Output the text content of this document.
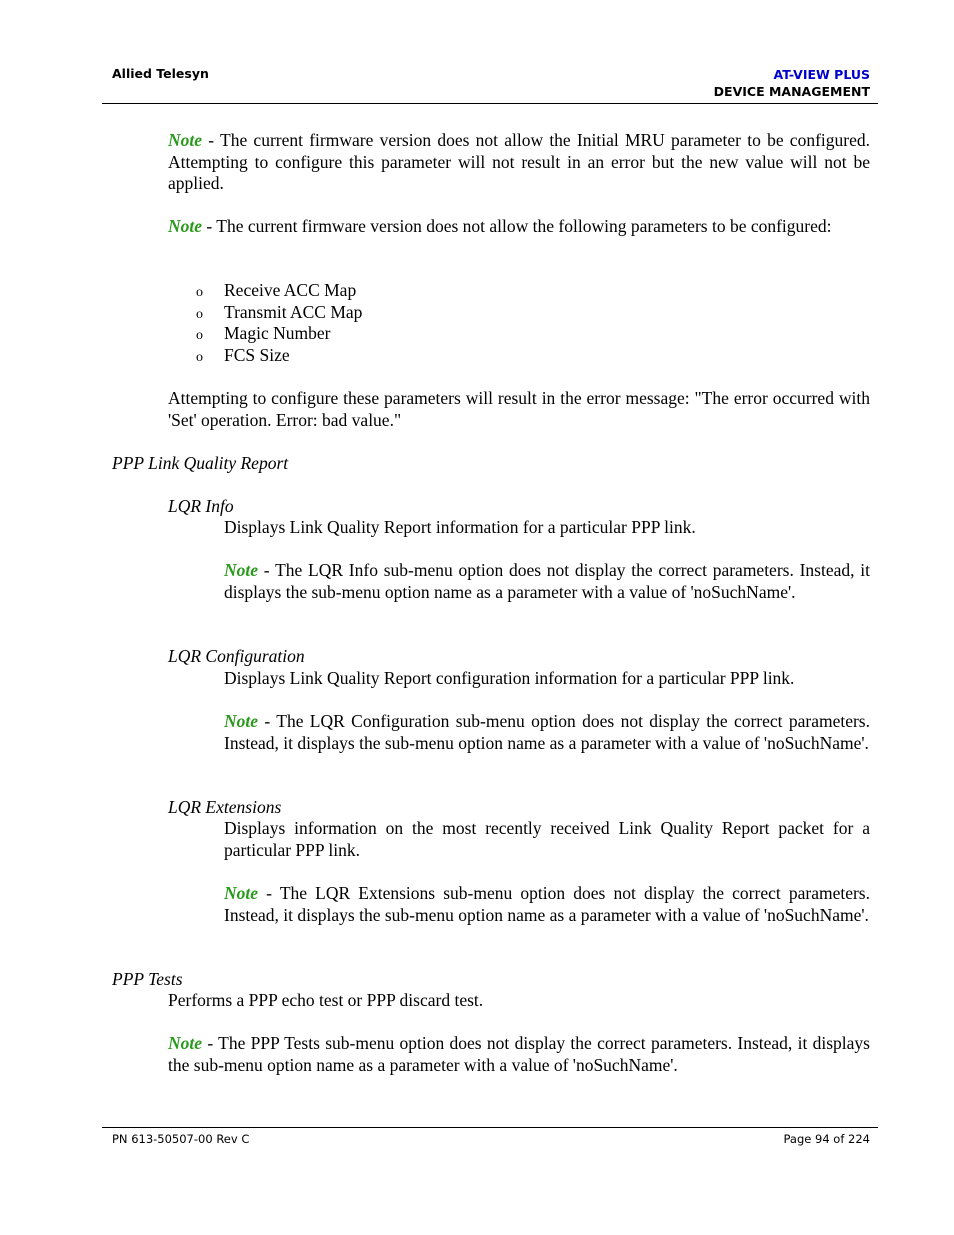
Allied Telesyn	AT-VIEW PLUS
DEVICE MANAGEMENT
Note - The current firmware version does not allow the Initial MRU parameter to be configured. Attempting to configure this parameter will not result in an error but the new value will not be applied.
Note - The current firmware version does not allow the following parameters to be configured:
o Receive ACC Map
o Transmit ACC Map
o Magic Number
o FCS Size
Attempting to configure these parameters will result in the error message: "The error occurred with 'Set' operation. Error: bad value."
PPP Link Quality Report
LQR Info
Displays Link Quality Report information for a particular PPP link.
Note - The LQR Info sub-menu option does not display the correct parameters. Instead, it displays the sub-menu option name as a parameter with a value of 'noSuchName'.
LQR Configuration
Displays Link Quality Report configuration information for a particular PPP link.
Note - The LQR Configuration sub-menu option does not display the correct parameters. Instead, it displays the sub-menu option name as a parameter with a value of 'noSuchName'.
LQR Extensions
Displays information on the most recently received Link Quality Report packet for a particular PPP link.
Note - The LQR Extensions sub-menu option does not display the correct parameters. Instead, it displays the sub-menu option name as a parameter with a value of 'noSuchName'.
PPP Tests
Performs a PPP echo test or PPP discard test.
Note - The PPP Tests sub-menu option does not display the correct parameters. Instead, it displays the sub-menu option name as a parameter with a value of 'noSuchName'.
PN 613-50507-00 Rev C	Page 94 of 224
